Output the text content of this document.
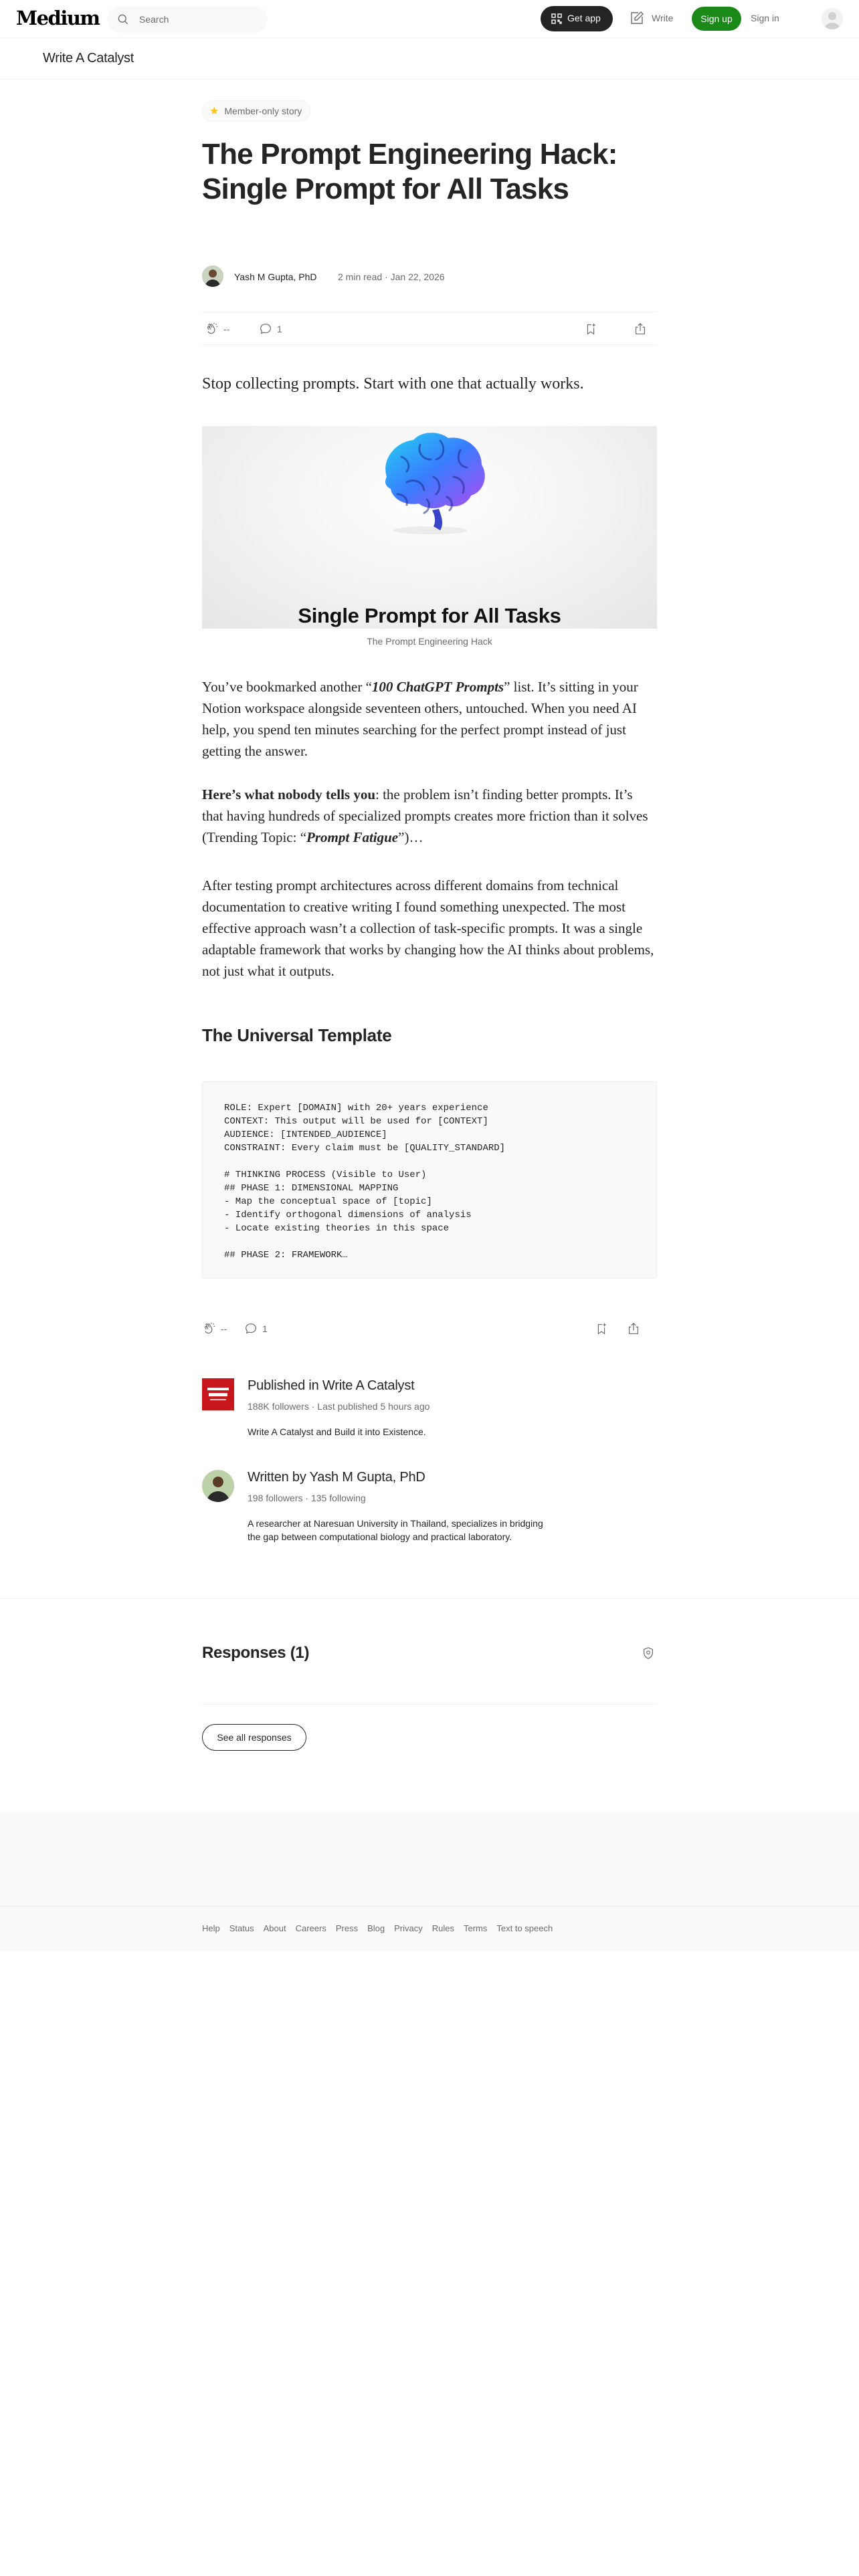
Medium	Search	Get app	Write	Sign up	Sign in
Write A Catalyst
★ Member-only story
The Prompt Engineering Hack: Single Prompt for All Tasks
Yash M Gupta, PhD 2 min read · Jan 22, 2026
--	1

Stop collecting prompts. Start with one that actually works.

Single Prompt for All Tasks
The Prompt Engineering Hack

You’ve bookmarked another “100 ChatGPT Prompts” list. It’s sitting in your Notion workspace alongside seventeen others, untouched. When you need AI help, you spend ten minutes searching for the perfect prompt instead of just getting the answer.

Here’s what nobody tells you: the problem isn’t finding better prompts. It’s that having hundreds of specialized prompts creates more friction than it solves (Trending Topic: “Prompt Fatigue”)…

After testing prompt architectures across different domains from technical documentation to creative writing I found something unexpected. The most effective approach wasn’t a collection of task-specific prompts. It was a single adaptable framework that works by changing how the AI thinks about problems, not just what it outputs.

The Universal Template
ROLE: Expert [DOMAIN] with 20+ years experience
CONTEXT: This output will be used for [CONTEXT]
AUDIENCE: [INTENDED_AUDIENCE]
CONSTRAINT: Every claim must be [QUALITY_STANDARD]

# THINKING PROCESS (Visible to User)
## PHASE 1: DIMENSIONAL MAPPING
- Map the conceptual space of [topic]
- Identify orthogonal dimensions of analysis
- Locate existing theories in this space

## PHASE 2: FRAMEWORK…
--	1
Published in Write A Catalyst
188K followers · Last published 5 hours ago
Write A Catalyst and Build it into Existence.
Written by Yash M Gupta, PhD
198 followers · 135 following
A researcher at Naresuan University in Thailand, specializes in bridging the gap between computational biology and practical laboratory.
Responses (1)
See all responses
Help Status About Careers Press Blog Privacy Rules Terms Text to speech
